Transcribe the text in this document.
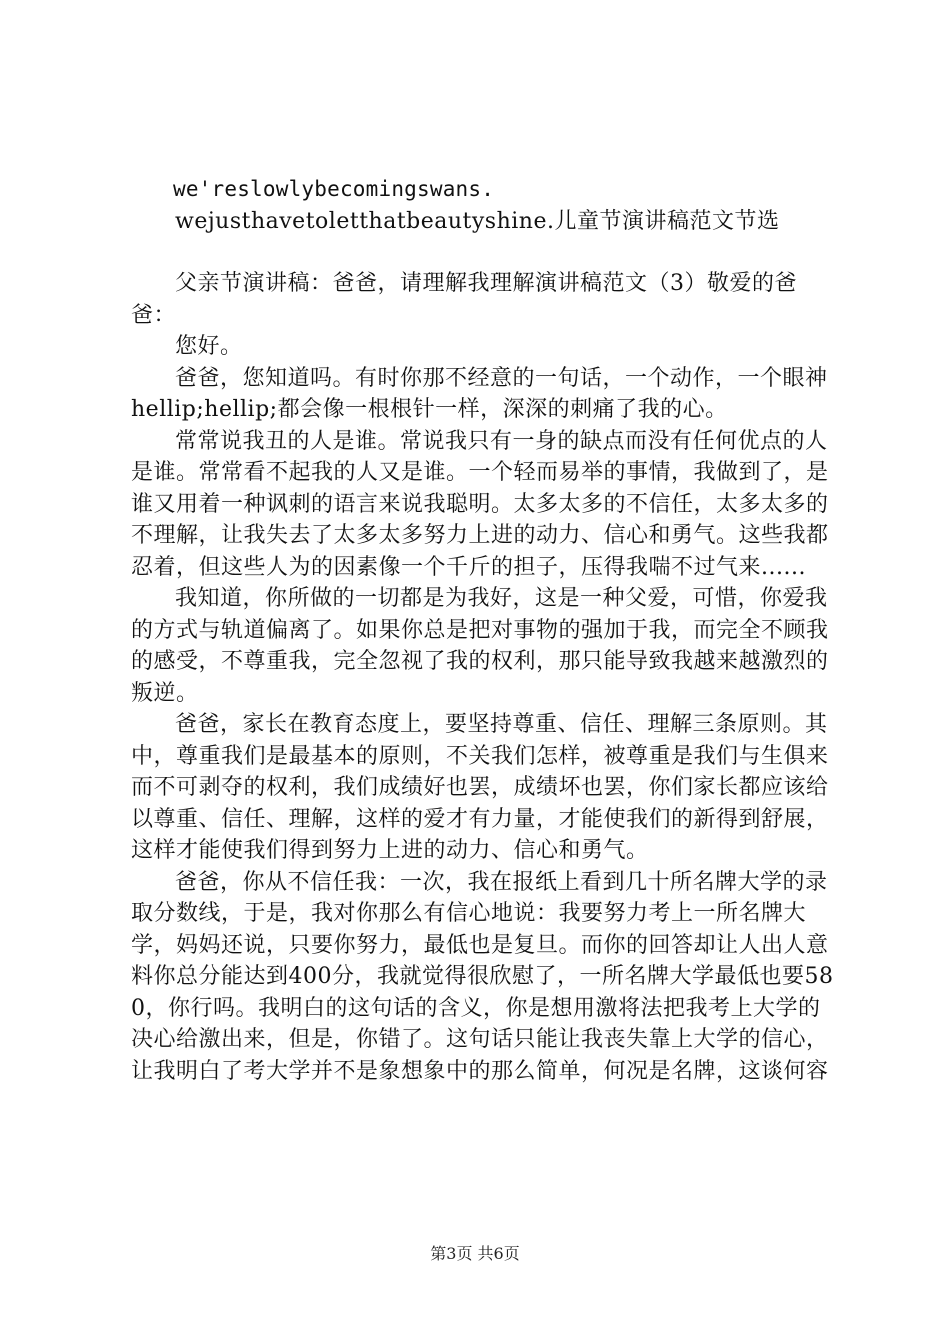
we'reslowlybecomingswans.

wejusthavetoletthatbeautyshine.儿童节演讲稿范文节选

父亲节演讲稿：爸爸，请理解我理解演讲稿范文（3）敬爱的爸爸：

您好。

爸爸，您知道吗。有时你那不经意的一句话，一个动作，一个眼神hellip;hellip;都会像一根根针一样，深深的刺痛了我的心。

常常说我丑的人是谁。常说我只有一身的缺点而没有任何优点的人是谁。常常看不起我的人又是谁。一个轻而易举的事情，我做到了，是谁又用着一种讽刺的语言来说我聪明。太多太多的不信任，太多太多的不理解，让我失去了太多太多努力上进的动力、信心和勇气。这些我都忍着，但这些人为的因素像一个千斤的担子，压得我喘不过气来......

我知道，你所做的一切都是为我好，这是一种父爱，可惜，你爱我的方式与轨道偏离了。如果你总是把对事物的强加于我，而完全不顾我的感受，不尊重我，完全忽视了我的权利，那只能导致我越来越激烈的叛逆。

爸爸，家长在教育态度上，要坚持尊重、信任、理解三条原则。其中，尊重我们是最基本的原则，不关我们怎样，被尊重是我们与生俱来而不可剥夺的权利，我们成绩好也罢，成绩坏也罢，你们家长都应该给以尊重、信任、理解，这样的爱才有力量，才能使我们的新得到舒展，这样才能使我们得到努力上进的动力、信心和勇气。

爸爸，你从不信任我：一次，我在报纸上看到几十所名牌大学的录取分数线，于是，我对你那么有信心地说：我要努力考上一所名牌大学，妈妈还说，只要你努力，最低也是复旦。而你的回答却让人出人意料你总分能达到400分，我就觉得很欣慰了，一所名牌大学最低也要580，你行吗。我明白的这句话的含义，你是想用激将法把我考上大学的决心给激出来，但是，你错了。这句话只能让我丧失靠上大学的信心，让我明白了考大学并不是象想象中的那么简单，何况是名牌，这谈何容

第3页 共6页
